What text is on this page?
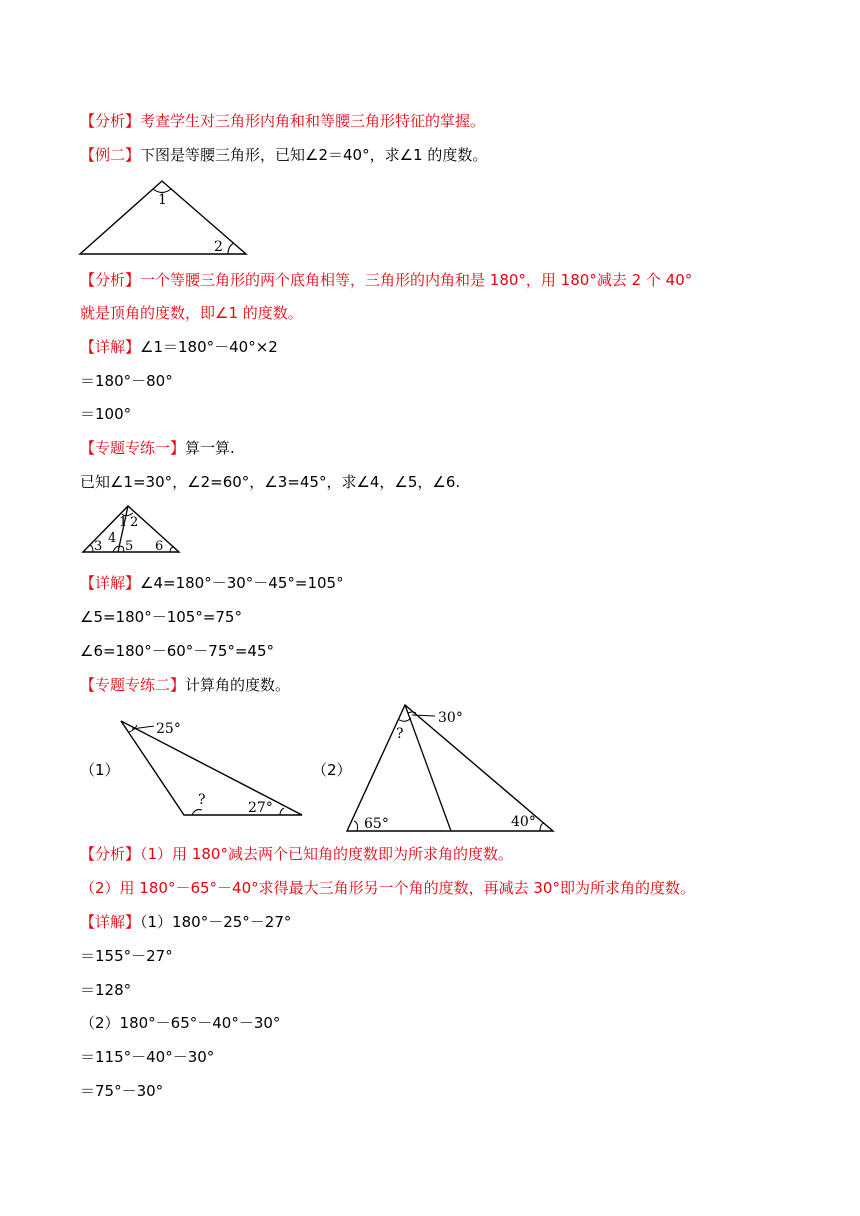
【分析】考查学生对三角形内角和和等腰三角形特征的掌握。
【例二】下图是等腰三角形，已知∠2＝40°，求∠1 的度数。
1
2
【分析】一个等腰三角形的两个底角相等，三角形的内角和是 180°，用 180°减去 2 个 40°
就是顶角的度数，即∠1 的度数。
【详解】∠1＝180°－40°×2
＝180°－80°
＝100°
【专题专练一】算一算.
已知∠1=30°，∠2=60°，∠3=45°，求∠4，∠5，∠6.
1 2
3
4
5 6
【详解】∠4=180°－30°－45°=105°
∠5=180°－105°=75°
∠6=180°－60°－75°=45°
【专题专练二】计算角的度数。
（1）
25°
?	27°
（2）
30°
?
65°	40°
【分析】（1）用 180°减去两个已知角的度数即为所求角的度数。
（2）用 180°－65°－40°求得最大三角形另一个角的度数，再减去 30°即为所求角的度数。
【详解】（1）180°－25°－27°
＝155°－27°
＝128°
（2）180°－65°－40°－30°
＝115°－40°－30°
＝75°－30°
